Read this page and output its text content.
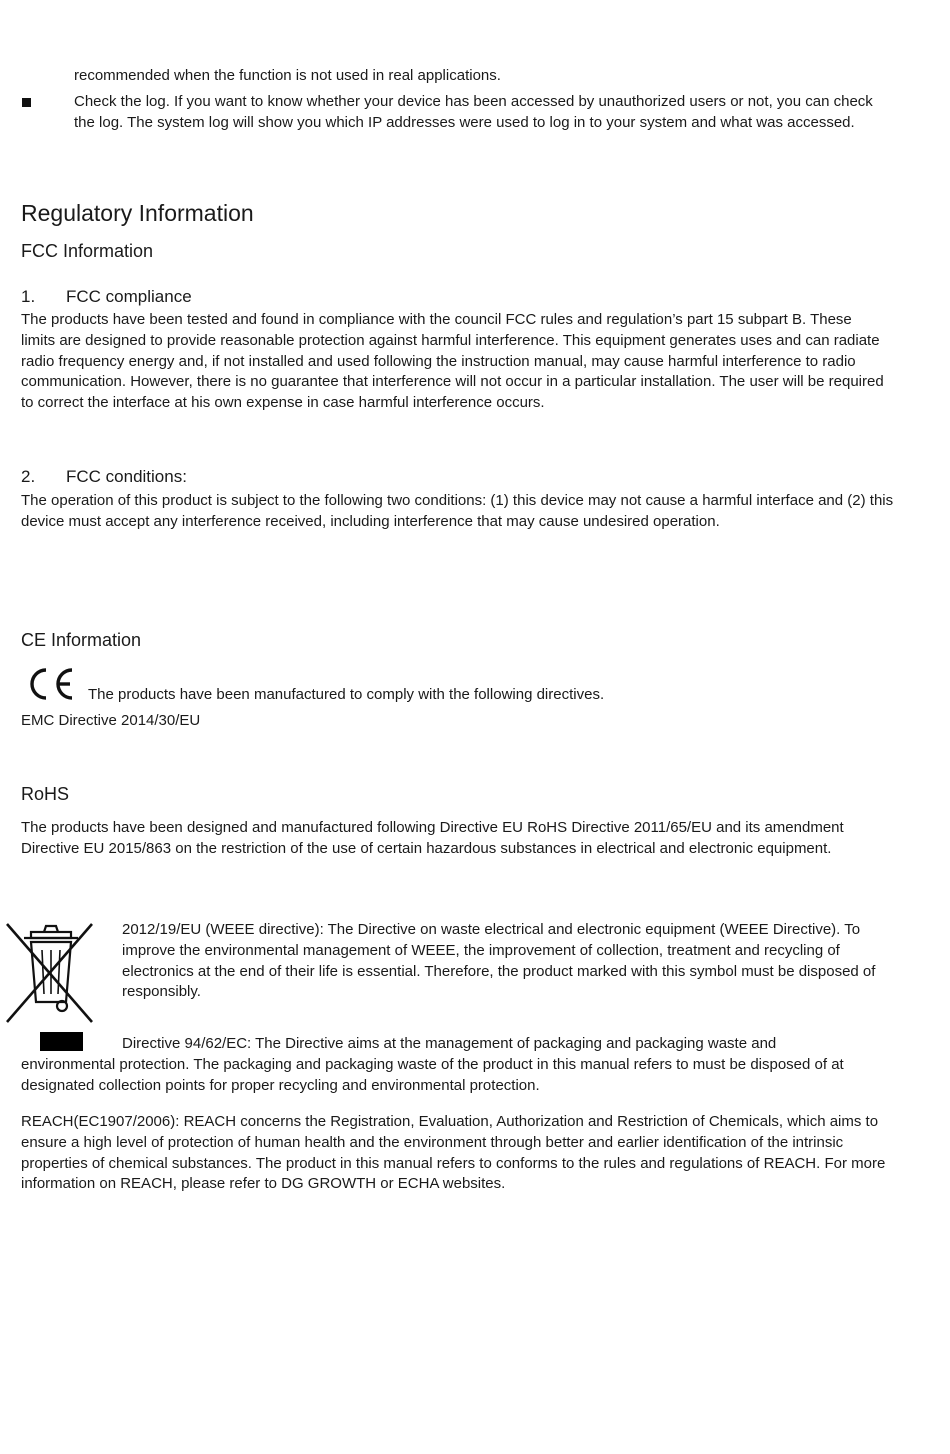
recommended when the function is not used in real applications.

Check the log. If you want to know whether your device has been accessed by unauthorized users or not, you can check the log. The system log will show you which IP addresses were used to log in to your system and what was accessed.

Regulatory Information
FCC Information
1. FCC compliance

The products have been tested and found in compliance with the council FCC rules and regulation’s part 15 subpart B. These limits are designed to provide reasonable protection against harmful interference. This equipment generates uses and can radiate radio frequency energy and, if not installed and used following the instruction manual, may cause harmful interference to radio communication. However, there is no guarantee that interference will not occur in a particular installation. The user will be required to correct the interface at his own expense in case harmful interference occurs.

2. FCC conditions:

The operation of this product is subject to the following two conditions: (1) this device may not cause a harmful interface and (2) this device must accept any interference received, including interference that may cause undesired operation.

CE Information

The products have been manufactured to comply with the following directives.

EMC Directive 2014/30/EU

RoHS

The products have been designed and manufactured following Directive EU RoHS Directive 2011/65/EU and its amendment Directive EU 2015/863 on the restriction of the use of certain hazardous substances in electrical and electronic equipment.

2012/19/EU (WEEE directive): The Directive on waste electrical and electronic equipment (WEEE Directive). To improve the environmental management of WEEE, the improvement of collection, treatment and recycling of electronics at the end of their life is essential. Therefore, the product marked with this symbol must be disposed of responsibly.

Directive 94/62/EC: The Directive aims at the management of packaging and packaging waste and

environmental protection. The packaging and packaging waste of the product in this manual refers to must be disposed of at designated collection points for proper recycling and environmental protection.

REACH(EC1907/2006): REACH concerns the Registration, Evaluation, Authorization and Restriction of Chemicals, which aims to ensure a high level of protection of human health and the environment through better and earlier identification of the intrinsic properties of chemical substances. The product in this manual refers to conforms to the rules and regulations of REACH. For more information on REACH, please refer to DG GROWTH or ECHA websites.
